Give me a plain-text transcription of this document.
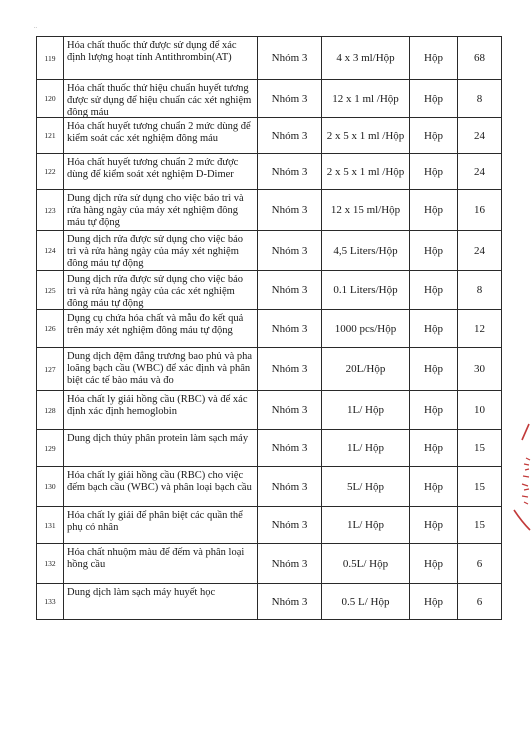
..
119	Hóa chất thuốc thử được sử dụng để xác định lượng hoạt tính Antithrombin(AT)	Nhóm 3	4 x 3 ml/Hộp	Hộp	68
120	Hóa chất thuốc thử hiệu chuẩn huyết tương được sử dụng để hiệu chuẩn các xét nghiệm đông máu	Nhóm 3	12 x 1 ml /Hộp	Hộp	8
121	Hóa chất huyết tương chuẩn 2 mức dùng để kiểm soát các xét nghiệm đông máu	Nhóm 3	2 x 5 x 1 ml /Hộp	Hộp	24
122	Hóa chất huyết tương chuẩn 2 mức được dùng để kiểm soát xét nghiệm D-Dimer	Nhóm 3	2 x 5 x 1 ml /Hộp	Hộp	24
123	Dung dịch rửa sử dụng cho việc bảo trì và rửa hàng ngày của máy xét nghiệm đông máu tự động	Nhóm 3	12 x 15 ml/Hộp	Hộp	16
124	Dung dịch rửa được sử dụng cho việc bảo trì và rửa hàng ngày của máy xét nghiệm đông máu tự động	Nhóm 3	4,5 Liters/Hộp	Hộp	24
125	Dung dịch rửa được sử dụng cho việc bảo trì và rửa hàng ngày của các xét nghiệm đông máu tự động	Nhóm 3	0.1 Liters/Hộp	Hộp	8
126	Dụng cụ chứa hóa chất và mẫu đo kết quả trên máy xét nghiệm đông máu tự động	Nhóm 3	1000 pcs/Hộp	Hộp	12
127	Dung dịch đệm đẳng trương bao phủ và pha loãng bạch cầu (WBC) để xác định và phân biệt các tế bào máu và đo	Nhóm 3	20L/Hộp	Hộp	30
128	Hóa chất ly giải hồng cầu (RBC) và để xác định xác định hemoglobin	Nhóm 3	1L/ Hộp	Hộp	10
129	Dung dịch thủy phân protein làm sạch máy	Nhóm 3	1L/ Hộp	Hộp	15
130	Hóa chất ly giải hồng cầu (RBC) cho việc đếm bạch cầu (WBC) và phân loại bạch cầu	Nhóm 3	5L/ Hộp	Hộp	15
131	Hóa chất ly giải để phân biệt các quần thể phụ có nhân	Nhóm 3	1L/ Hộp	Hộp	15
132	Hóa chất nhuộm màu để đếm và phân loại hồng cầu	Nhóm 3	0.5L/ Hộp	Hộp	6
133	Dung dịch làm sạch máy huyết học	Nhóm 3	0.5 L/ Hộp	Hộp	6
